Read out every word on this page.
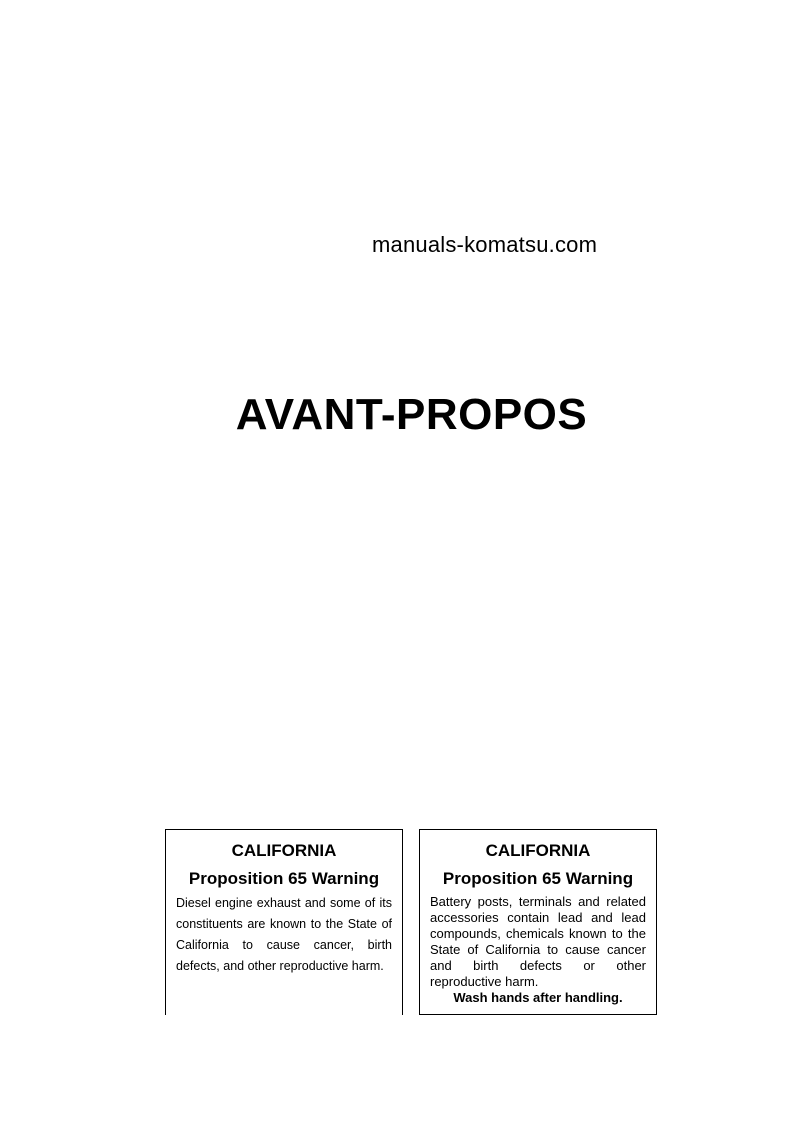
manuals-komatsu.com
AVANT-PROPOS
CALIFORNIA
Proposition 65 Warning

Diesel engine exhaust and some of its constituents are known to the State of California to cause cancer, birth defects, and other reproductive harm.

CALIFORNIA
Proposition 65 Warning

Battery posts, terminals and related accessories contain lead and lead compounds, chemicals known to the State of California to cause cancer and birth defects or other reproductive harm.

Wash hands after handling.
